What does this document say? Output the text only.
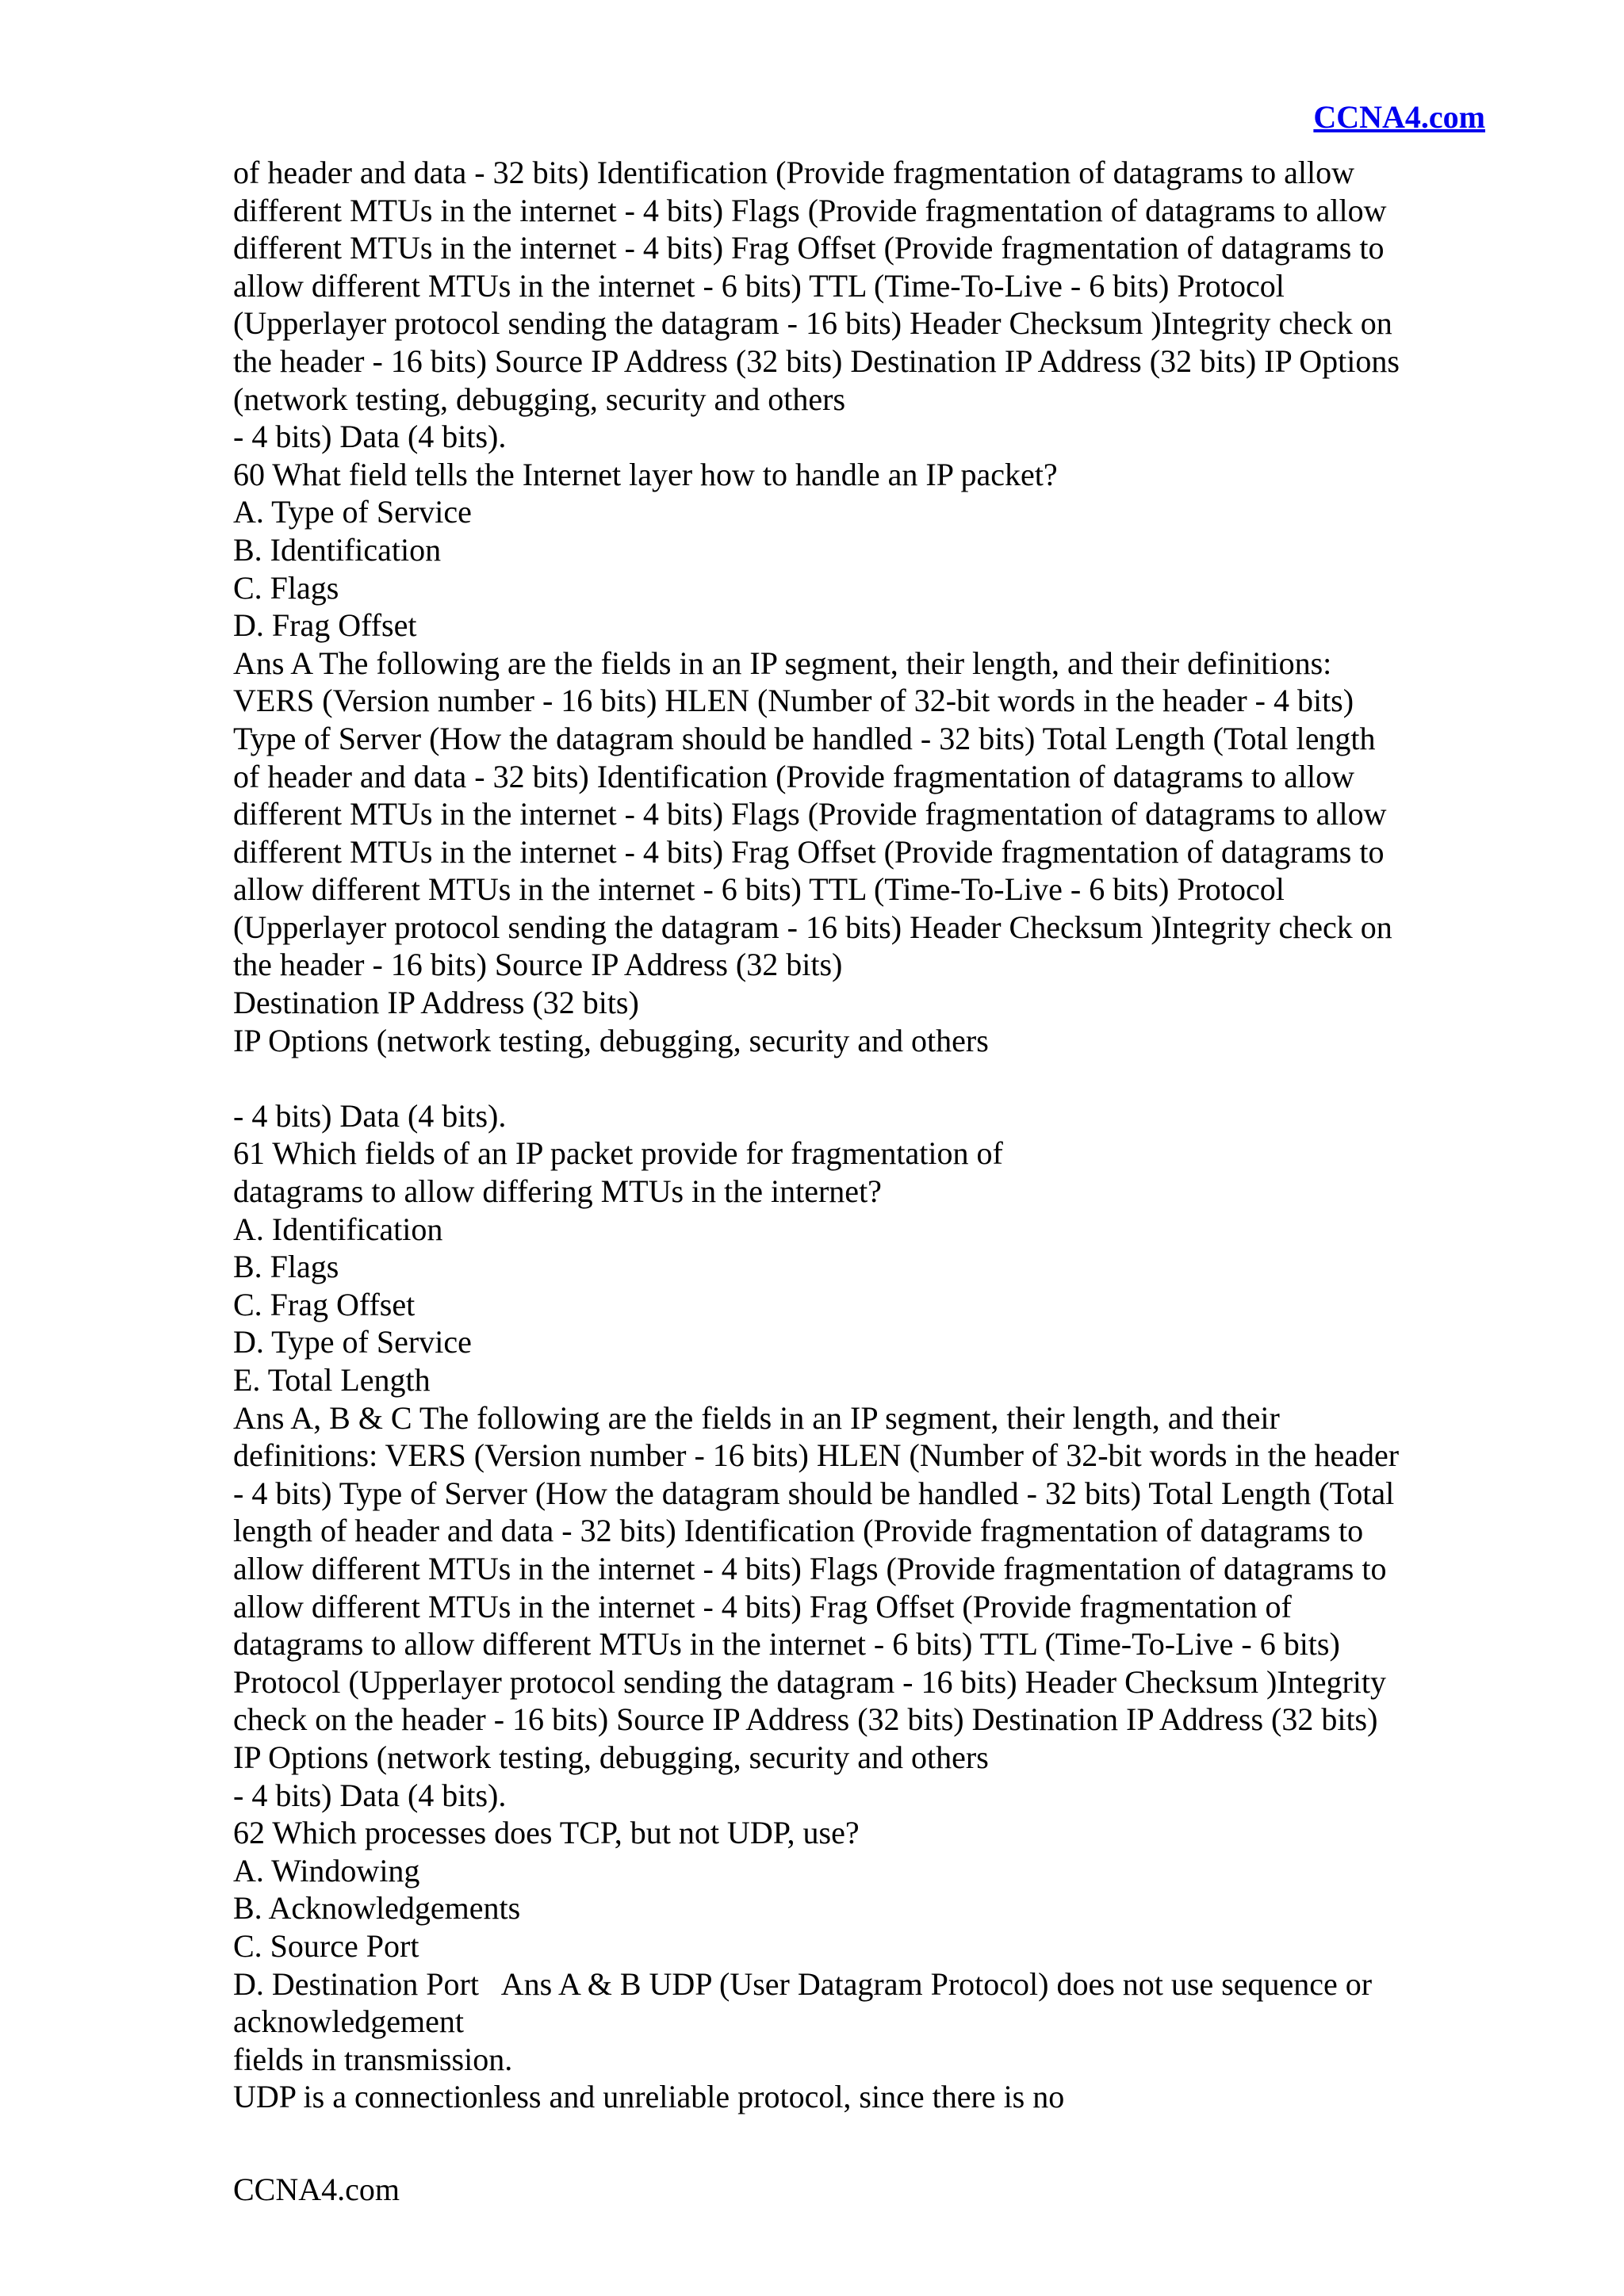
CCNA4.com
of header and data - 32 bits) Identification (Provide fragmentation of datagrams to allow
different MTUs in the internet - 4 bits) Flags (Provide fragmentation of datagrams to allow
different MTUs in the internet - 4 bits) Frag Offset (Provide fragmentation of datagrams to
allow different MTUs in the internet - 6 bits) TTL (Time-To-Live - 6 bits) Protocol
(Upperlayer protocol sending the datagram - 16 bits) Header Checksum )Integrity check on
the header - 16 bits) Source IP Address (32 bits) Destination IP Address (32 bits) IP Options
(network testing, debugging, security and others
- 4 bits) Data (4 bits).
60 What field tells the Internet layer how to handle an IP packet?
A. Type of Service
B. Identification
C. Flags
D. Frag Offset
Ans A The following are the fields in an IP segment, their length, and their definitions:
VERS (Version number - 16 bits) HLEN (Number of 32-bit words in the header - 4 bits)
Type of Server (How the datagram should be handled - 32 bits) Total Length (Total length
of header and data - 32 bits) Identification (Provide fragmentation of datagrams to allow
different MTUs in the internet - 4 bits) Flags (Provide fragmentation of datagrams to allow
different MTUs in the internet - 4 bits) Frag Offset (Provide fragmentation of datagrams to
allow different MTUs in the internet - 6 bits) TTL (Time-To-Live - 6 bits) Protocol
(Upperlayer protocol sending the datagram - 16 bits) Header Checksum )Integrity check on
the header - 16 bits) Source IP Address (32 bits)
Destination IP Address (32 bits)
IP Options (network testing, debugging, security and others
- 4 bits) Data (4 bits).
61 Which fields of an IP packet provide for fragmentation of
datagrams to allow differing MTUs in the internet?
A. Identification
B. Flags
C. Frag Offset
D. Type of Service
E. Total Length
Ans A, B & C The following are the fields in an IP segment, their length, and their
definitions: VERS (Version number - 16 bits) HLEN (Number of 32-bit words in the header
- 4 bits) Type of Server (How the datagram should be handled - 32 bits) Total Length (Total
length of header and data - 32 bits) Identification (Provide fragmentation of datagrams to
allow different MTUs in the internet - 4 bits) Flags (Provide fragmentation of datagrams to
allow different MTUs in the internet - 4 bits) Frag Offset (Provide fragmentation of
datagrams to allow different MTUs in the internet - 6 bits) TTL (Time-To-Live - 6 bits)
Protocol (Upperlayer protocol sending the datagram - 16 bits) Header Checksum )Integrity
check on the header - 16 bits) Source IP Address (32 bits) Destination IP Address (32 bits)
IP Options (network testing, debugging, security and others
- 4 bits) Data (4 bits).
62 Which processes does TCP, but not UDP, use?
A. Windowing
B. Acknowledgements
C. Source Port
D. Destination Port   Ans A & B UDP (User Datagram Protocol) does not use sequence or
acknowledgement
fields in transmission.
UDP is a connectionless and unreliable protocol, since there is no
CCNA4.com
